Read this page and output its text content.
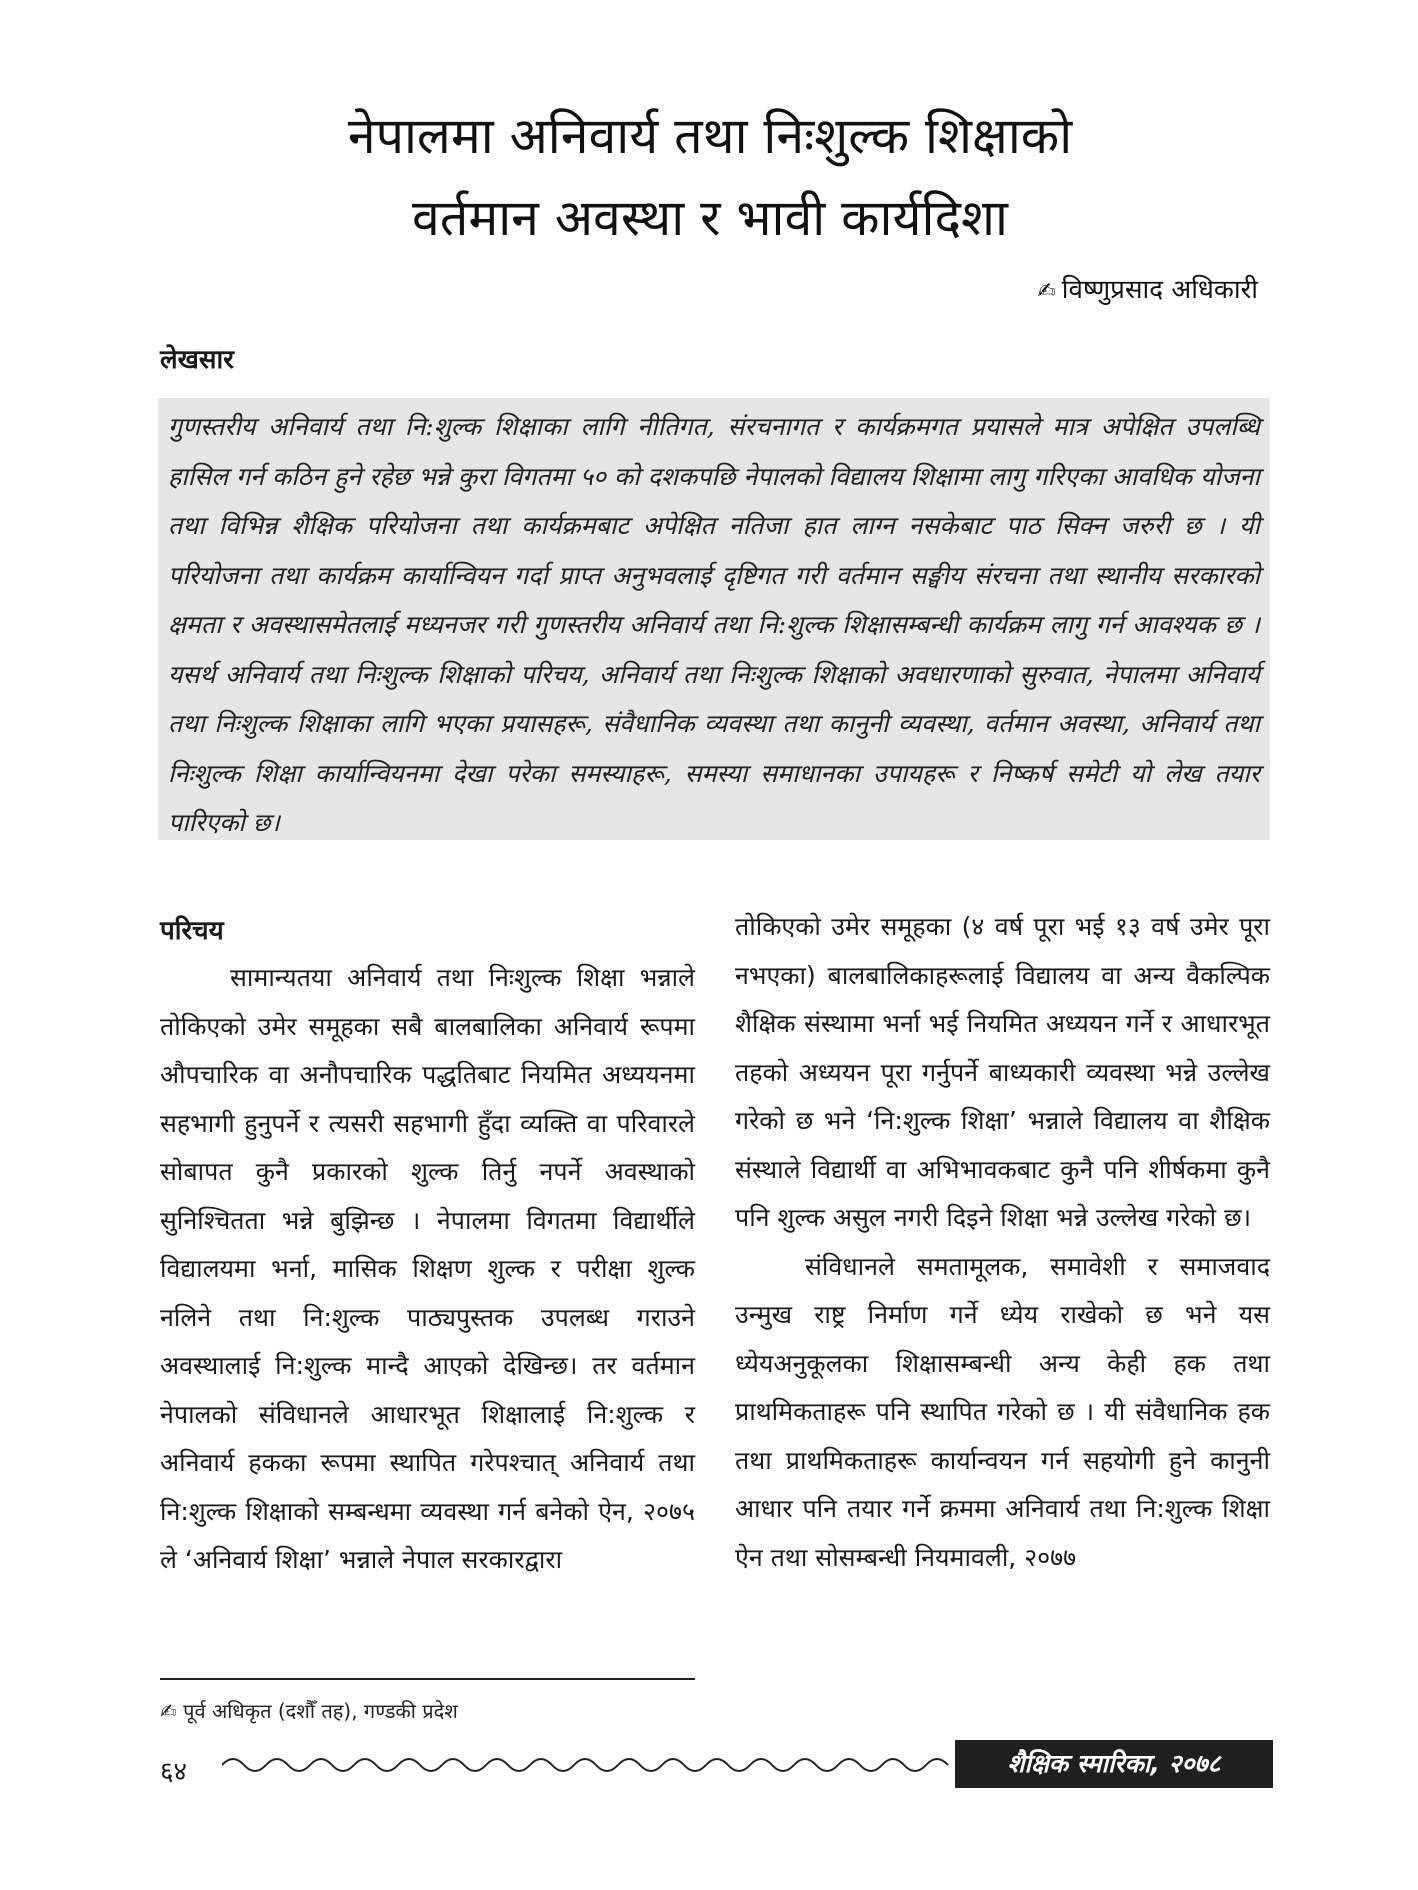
नेपालमा अनिवार्य तथा निःशुल्क शिक्षाको
वर्तमान अवस्था र भावी कार्यदिशा
✍ विष्णुप्रसाद अधिकारी
लेखसार
गुणस्तरीय अनिवार्य तथा नि:शुल्क शिक्षाका लागि नीतिगत, संरचनागत र कार्यक्रमगत प्रयासले मात्र अपेक्षित उपलब्धि हासिल गर्न कठिन हुने रहेछ भन्ने कुरा विगतमा ५० को दशकपछि नेपालको विद्यालय शिक्षामा लागु गरिएका आवधिक योजना तथा विभिन्न शैक्षिक परियोजना तथा कार्यक्रमबाट अपेक्षित नतिजा हात लाग्न नसकेबाट पाठ सिक्न जरुरी छ । यी परियोजना तथा कार्यक्रम कार्यान्वियन गर्दा प्राप्त अनुभवलाई दृष्टिगत गरी वर्तमान सङ्घीय संरचना तथा स्थानीय सरकारको क्षमता र अवस्थासमेतलाई मध्यनजर गरी गुणस्तरीय अनिवार्य तथा नि:शुल्क शिक्षासम्बन्धी कार्यक्रम लागु गर्न आवश्यक छ । यसर्थ अनिवार्य तथा निःशुल्क शिक्षाको परिचय, अनिवार्य तथा निःशुल्क शिक्षाको अवधारणाको सुरुवात, नेपालमा अनिवार्य तथा निःशुल्क शिक्षाका लागि भएका प्रयासहरू, संवैधानिक व्यवस्था तथा कानुनी व्यवस्था, वर्तमान अवस्था, अनिवार्य तथा निःशुल्क शिक्षा कार्यान्वियनमा देखा परेका समस्याहरू, समस्या समाधानका उपायहरू र निष्कर्ष समेटी यो लेख तयार पारिएको छ।

परिचय

सामान्यतया अनिवार्य तथा निःशुल्क शिक्षा भन्नाले तोकिएको उमेर समूहका सबै बालबालिका अनिवार्य रूपमा औपचारिक वा अनौपचारिक पद्धतिबाट नियमित अध्ययनमा सहभागी हुनुपर्ने र त्यसरी सहभागी हुँदा व्यक्ति वा परिवारले सोबापत कुनै प्रकारको शुल्क तिर्नु नपर्ने अवस्थाको सुनिश्चितता भन्ने बुझिन्छ । नेपालमा विगतमा विद्यार्थीले विद्यालयमा भर्ना, मासिक शिक्षण शुल्क र परीक्षा शुल्क नलिने तथा नि:शुल्क पाठ्यपुस्तक उपलब्ध गराउने अवस्थालाई नि:शुल्क मान्दै आएको देखिन्छ। तर वर्तमान नेपालको संविधानले आधारभूत शिक्षालाई नि:शुल्क र अनिवार्य हकका रूपमा स्थापित गरेपश्चात् अनिवार्य तथा नि:शुल्क शिक्षाको सम्बन्धमा व्यवस्था गर्न बनेको ऐन, २०७५ ले ‘अनिवार्य शिक्षा’ भन्नाले नेपाल सरकारद्वारा

तोकिएको उमेर समूहका (४ वर्ष पूरा भई १३ वर्ष उमेर पूरा नभएका) बालबालिकाहरूलाई विद्यालय वा अन्य वैकल्पिक शैक्षिक संस्थामा भर्ना भई नियमित अध्ययन गर्ने र आधारभूत तहको अध्ययन पूरा गर्नुपर्ने बाध्यकारी व्यवस्था भन्ने उल्लेख गरेको छ भने ‘नि:शुल्क शिक्षा’ भन्नाले विद्यालय वा शैक्षिक संस्थाले विद्यार्थी वा अभिभावकबाट कुनै पनि शीर्षकमा कुनै पनि शुल्क असुल नगरी दिइने शिक्षा भन्ने उल्लेख गरेको छ।

संविधानले समतामूलक, समावेशी र समाजवाद उन्मुख राष्ट्र निर्माण गर्ने ध्येय राखेको छ भने यस ध्येयअनुकूलका शिक्षासम्बन्धी अन्य केही हक तथा प्राथमिकताहरू पनि स्थापित गरेको छ । यी संवैधानिक हक तथा प्राथमिकताहरू कार्यान्वयन गर्न सहयोगी हुने कानुनी आधार पनि तयार गर्ने क्रममा अनिवार्य तथा नि:शुल्क शिक्षा ऐन तथा सोसम्बन्धी नियमावली, २०७७

✍ पूर्व अधिकृत (दशौँ तह), गण्डकी प्रदेश
६४	शैक्षिक स्मारिका, २०७८
